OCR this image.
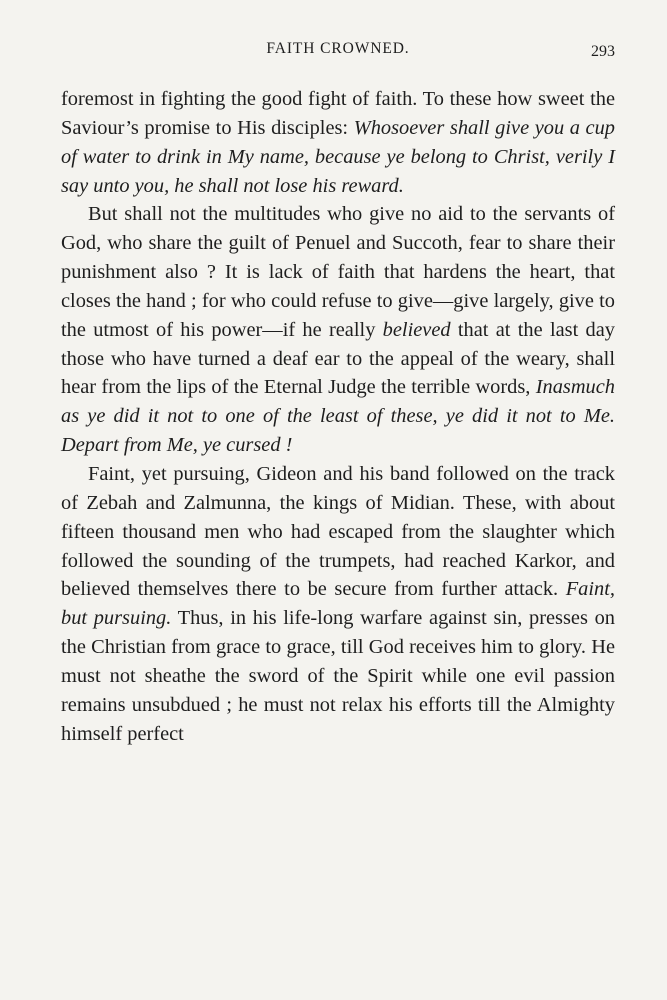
FAITH CROWNED.	293

foremost in fighting the good fight of faith. To these how sweet the Saviour’s promise to His disciples: Whosoever shall give you a cup of water to drink in My name, because ye belong to Christ, verily I say unto you, he shall not lose his reward.

But shall not the multitudes who give no aid to the servants of God, who share the guilt of Penuel and Succoth, fear to share their punishment also ? It is lack of faith that hardens the heart, that closes the hand ; for who could refuse to give—give largely, give to the utmost of his power—if he really believed that at the last day those who have turned a deaf ear to the appeal of the weary, shall hear from the lips of the Eternal Judge the terrible words, Inasmuch as ye did it not to one of the least of these, ye did it not to Me. Depart from Me, ye cursed !

Faint, yet pursuing, Gideon and his band followed on the track of Zebah and Zalmunna, the kings of Midian. These, with about fifteen thousand men who had escaped from the slaughter which followed the sounding of the trumpets, had reached Karkor, and believed themselves there to be secure from further attack. Faint, but pursuing. Thus, in his life-long warfare against sin, presses on the Christian from grace to grace, till God receives him to glory. He must not sheathe the sword of the Spirit while one evil passion remains unsubdued ; he must not relax his efforts till the Almighty himself perfect
